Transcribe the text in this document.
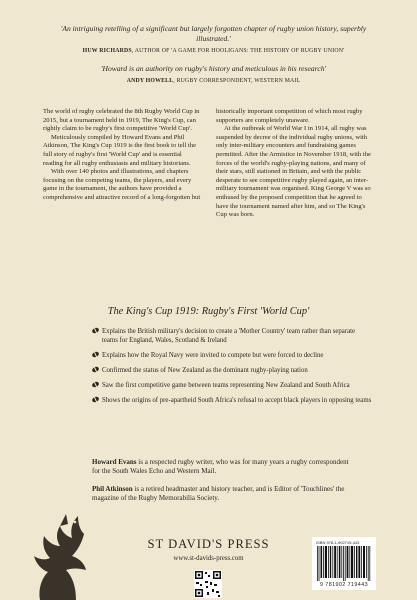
'An intriguing retelling of a significant but largely forgotten chapter of rugby union history, superbly illustrated.'

HUW RICHARDS, AUTHOR OF 'A GAME FOR HOOLIGANS: THE HISTORY OF RUGBY UNION'

'Howard is an authority on rugby's history and meticulous in his research'

ANDY HOWELL, RUGBY CORRESPONDENT, WESTERN MAIL

The world of rugby celebrated the 8th Rugby World Cup in 2015, but a tournament held in 1919, The King's Cup, can rightly claim to be rugby's first competitive 'World Cup'.

Meticulously compiled by Howard Evans and Phil Atkinson, The King's Cup 1919 is the first book to tell the full story of rugby's first 'World Cup' and is essential reading for all rugby enthusiasts and military historians.

With over 140 photos and illustrations, and chapters focusing on the competing teams, the players, and every game in the tournament, the authors have provided a comprehensive and attractive record of a long-forgotten but

historically important competition of which most rugby supporters are completely unaware.

At the outbreak of World War I in 1914, all rugby was suspended by decree of the individual rugby unions, with only inter-military encounters and fundraising games permitted. After the Armistice in November 1918, with the forces of the world's rugby-playing nations, and many of their stars, still stationed in Britain, and with the public desperate to see competitive rugby played again, an inter-military tournament was organised. King George V was so enthused by the proposed competition that he agreed to have the tournament named after him, and so The King's Cup was born.

The King's Cup 1919: Rugby's First 'World Cup'
Explains the British military's decision to create a 'Mother Country' team rather than separate teams for England, Wales, Scotland & Ireland
Explains how the Royal Navy were invited to compete but were forced to decline
Confirmed the status of New Zealand as the dominant rugby-playing nation
Saw the first competitive game between teams representing New Zealand and South Africa
Shows the origins of pre-apartheid South Africa's refusal to accept black players in opposing teams

Howard Evans is a respected rugby writer, who was for many years a rugby correspondent for the South Wales Echo and Western Mail.

Phil Atkinson is a retired headmaster and history teacher, and is Editor of 'Touchlines' the magazine of the Rugby Memorabilia Society.

ST DAVID'S PRESS
www.st-davids-press.com
ISBN 978-1-902719-443
9 781902 719443
